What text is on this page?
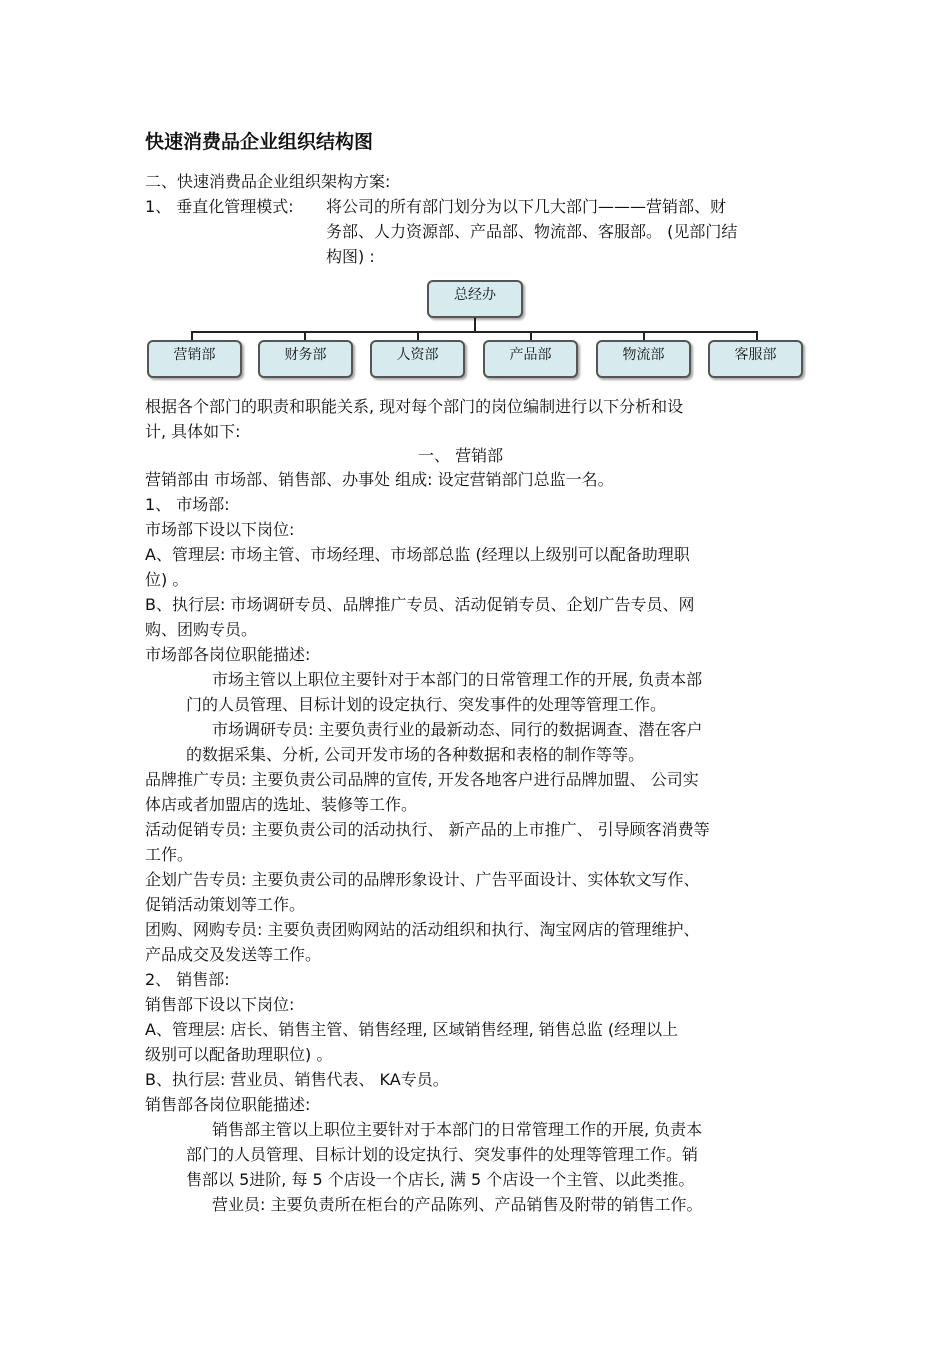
快速消费品企业组织结构图

二、快速消费品企业组织架构方案:

1、 垂直化管理模式: 将公司的所有部门划分为以下几大部门———营销部、财

务部、人力资源部、产品部、物流部、客服部。 (见部门结

构图) :

总经办
营销部	财务部	人资部	产品部	物流部	客服部

根据各个部门的职责和职能关系, 现对每个部门的岗位编制进行以下分析和设

计, 具体如下:

一、 营销部

营销部由 市场部、销售部、办事处 组成: 设定营销部门总监一名。

1、 市场部:

市场部下设以下岗位:

A、管理层: 市场主管、市场经理、市场部总监 (经理以上级别可以配备助理职

位) 。

B、执行层: 市场调研专员、品牌推广专员、活动促销专员、企划广告专员、网

购、团购专员。

市场部各岗位职能描述:

市场主管以上职位主要针对于本部门的日常管理工作的开展, 负责本部

门的人员管理、目标计划的设定执行、突发事件的处理等管理工作。

市场调研专员: 主要负责行业的最新动态、同行的数据调查、潜在客户

的数据采集、分析, 公司开发市场的各种数据和表格的制作等等。

品牌推广专员: 主要负责公司品牌的宣传, 开发各地客户进行品牌加盟、 公司实

体店或者加盟店的选址、装修等工作。

活动促销专员: 主要负责公司的活动执行、 新产品的上市推广、 引导顾客消费等

工作。

企划广告专员: 主要负责公司的品牌形象设计、广告平面设计、实体软文写作、

促销活动策划等工作。

团购、网购专员: 主要负责团购网站的活动组织和执行、淘宝网店的管理维护、

产品成交及发送等工作。

2、 销售部:

销售部下设以下岗位:

A、管理层: 店长、销售主管、销售经理, 区域销售经理, 销售总监 (经理以上

级别可以配备助理职位) 。

B、执行层: 营业员、销售代表、 KA专员。

销售部各岗位职能描述:

销售部主管以上职位主要针对于本部门的日常管理工作的开展, 负责本

部门的人员管理、目标计划的设定执行、突发事件的处理等管理工作。销

售部以 5进阶, 每 5 个店设一个店长, 满 5 个店设一个主管、以此类推。

营业员: 主要负责所在柜台的产品陈列、产品销售及附带的销售工作。
